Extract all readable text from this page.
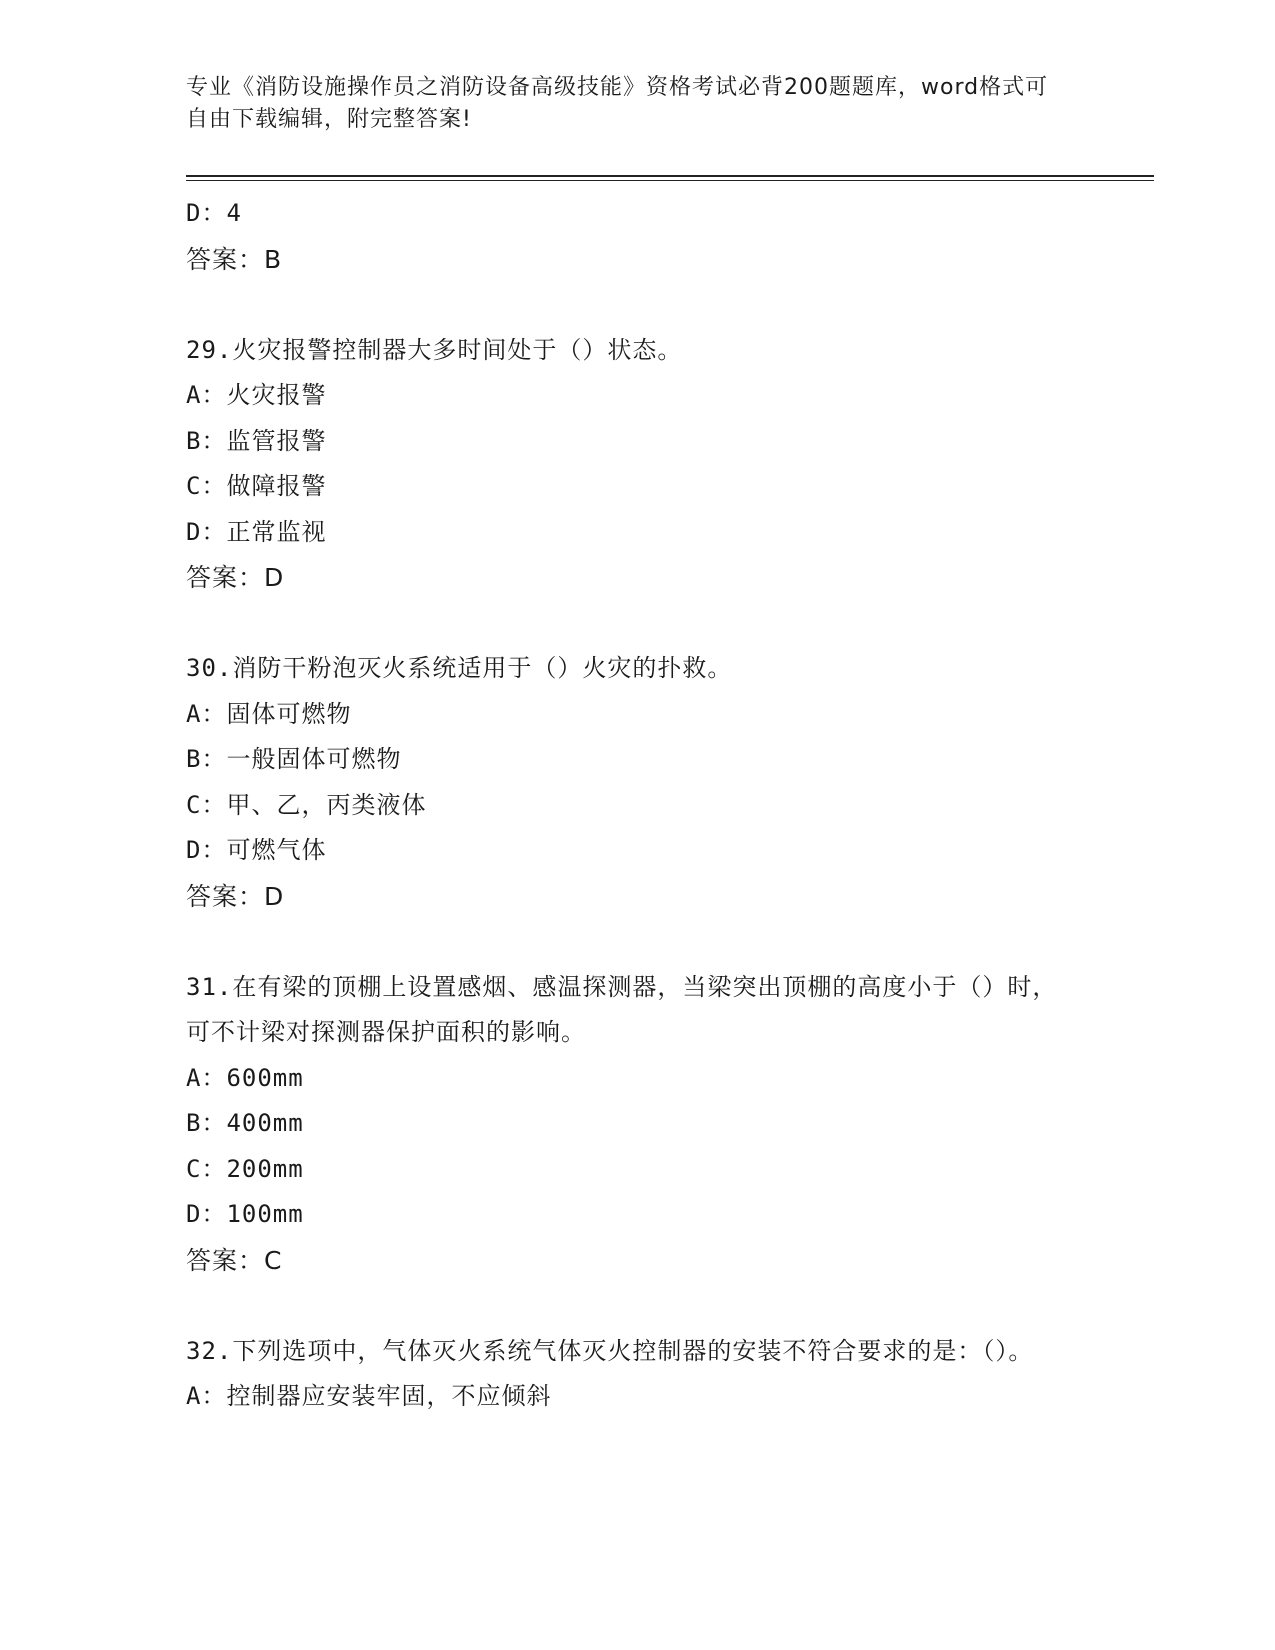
专业《消防设施操作员之消防设备高级技能》资格考试必背200题题库，word格式可自由下载编辑，附完整答案!
D：4
答案：B
29.火灾报警控制器大多时间处于（）状态。
A：火灾报警
B：监管报警
C：做障报警
D：正常监视
答案：D
30.消防干粉泡灭火系统适用于（）火灾的扑救。
A：固体可燃物
B：一般固体可燃物
C：甲、乙，丙类液体
D：可燃气体
答案：D
31.在有梁的顶棚上设置感烟、感温探测器，当梁突出顶棚的高度小于（）时，可不计梁对探测器保护面积的影响。
A：600mm
B：400mm
C：200mm
D：100mm
答案：C
32.下列选项中，气体灭火系统气体灭火控制器的安装不符合要求的是：（）。
A：控制器应安装牢固，不应倾斜
